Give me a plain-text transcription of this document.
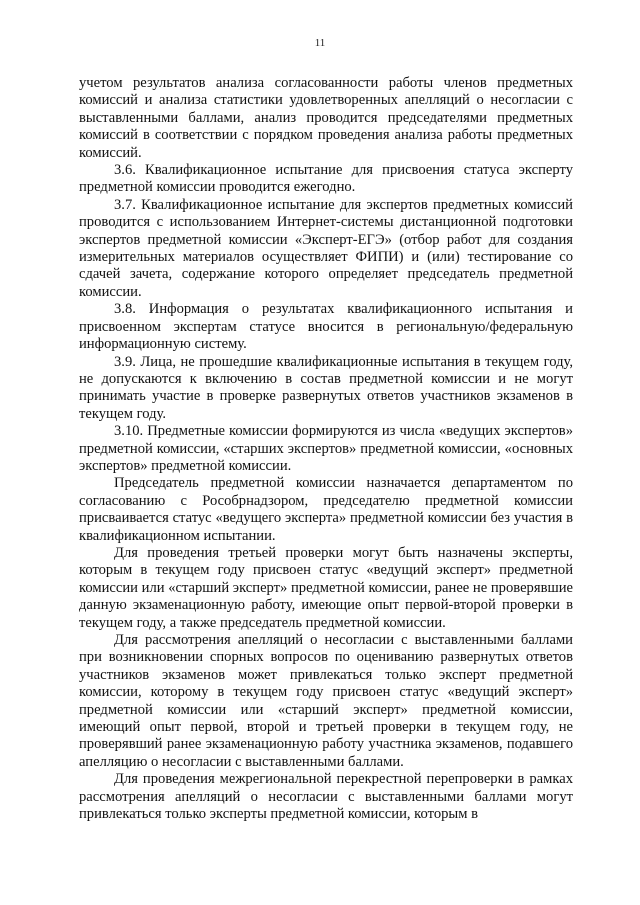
11

учетом результатов анализа согласованности работы членов предметных комиссий и анализа статистики удовлетворенных апелляций о несогласии с выставленными баллами, анализ проводится председателями предметных комиссий в соответствии с порядком проведения анализа работы предметных комиссий.

3.6. Квалификационное испытание для присвоения статуса эксперту предметной комиссии проводится ежегодно.

3.7. Квалификационное испытание для экспертов предметных комиссий проводится с использованием Интернет-системы дистанционной подготовки экспертов предметной комиссии «Эксперт-ЕГЭ» (отбор работ для создания измерительных материалов осуществляет ФИПИ) и (или) тестирование со сдачей зачета, содержание которого определяет председатель предметной комиссии.

3.8. Информация о результатах квалификационного испытания и присвоенном экспертам статусе вносится в региональную/федеральную информационную систему.

3.9. Лица, не прошедшие квалификационные испытания в текущем году, не допускаются к включению в состав предметной комиссии и не могут принимать участие в проверке развернутых ответов участников экзаменов в текущем году.

3.10. Предметные комиссии формируются из числа «ведущих экспертов» предметной комиссии, «старших экспертов» предметной комиссии, «основных экспертов» предметной комиссии.

Председатель предметной комиссии назначается департаментом по согласованию с Рособрнадзором, председателю предметной комиссии присваивается статус «ведущего эксперта» предметной комиссии без участия в квалификационном испытании.

Для проведения третьей проверки могут быть назначены эксперты, которым в текущем году присвоен статус «ведущий эксперт» предметной комиссии или «старший эксперт» предметной комиссии, ранее не проверявшие данную экзаменационную работу, имеющие опыт первой-второй проверки в текущем году, а также председатель предметной комиссии.

Для рассмотрения апелляций о несогласии с выставленными баллами при возникновении спорных вопросов по оцениванию развернутых ответов участников экзаменов может привлекаться только эксперт предметной комиссии, которому в текущем году присвоен статус «ведущий эксперт» предметной комиссии или «старший эксперт» предметной комиссии, имеющий опыт первой, второй и третьей проверки в текущем году, не проверявший ранее экзаменационную работу участника экзаменов, подавшего апелляцию о несогласии с выставленными баллами.

Для проведения межрегиональной перекрестной перепроверки в рамках рассмотрения апелляций о несогласии с выставленными баллами могут привлекаться только эксперты предметной комиссии, которым в
